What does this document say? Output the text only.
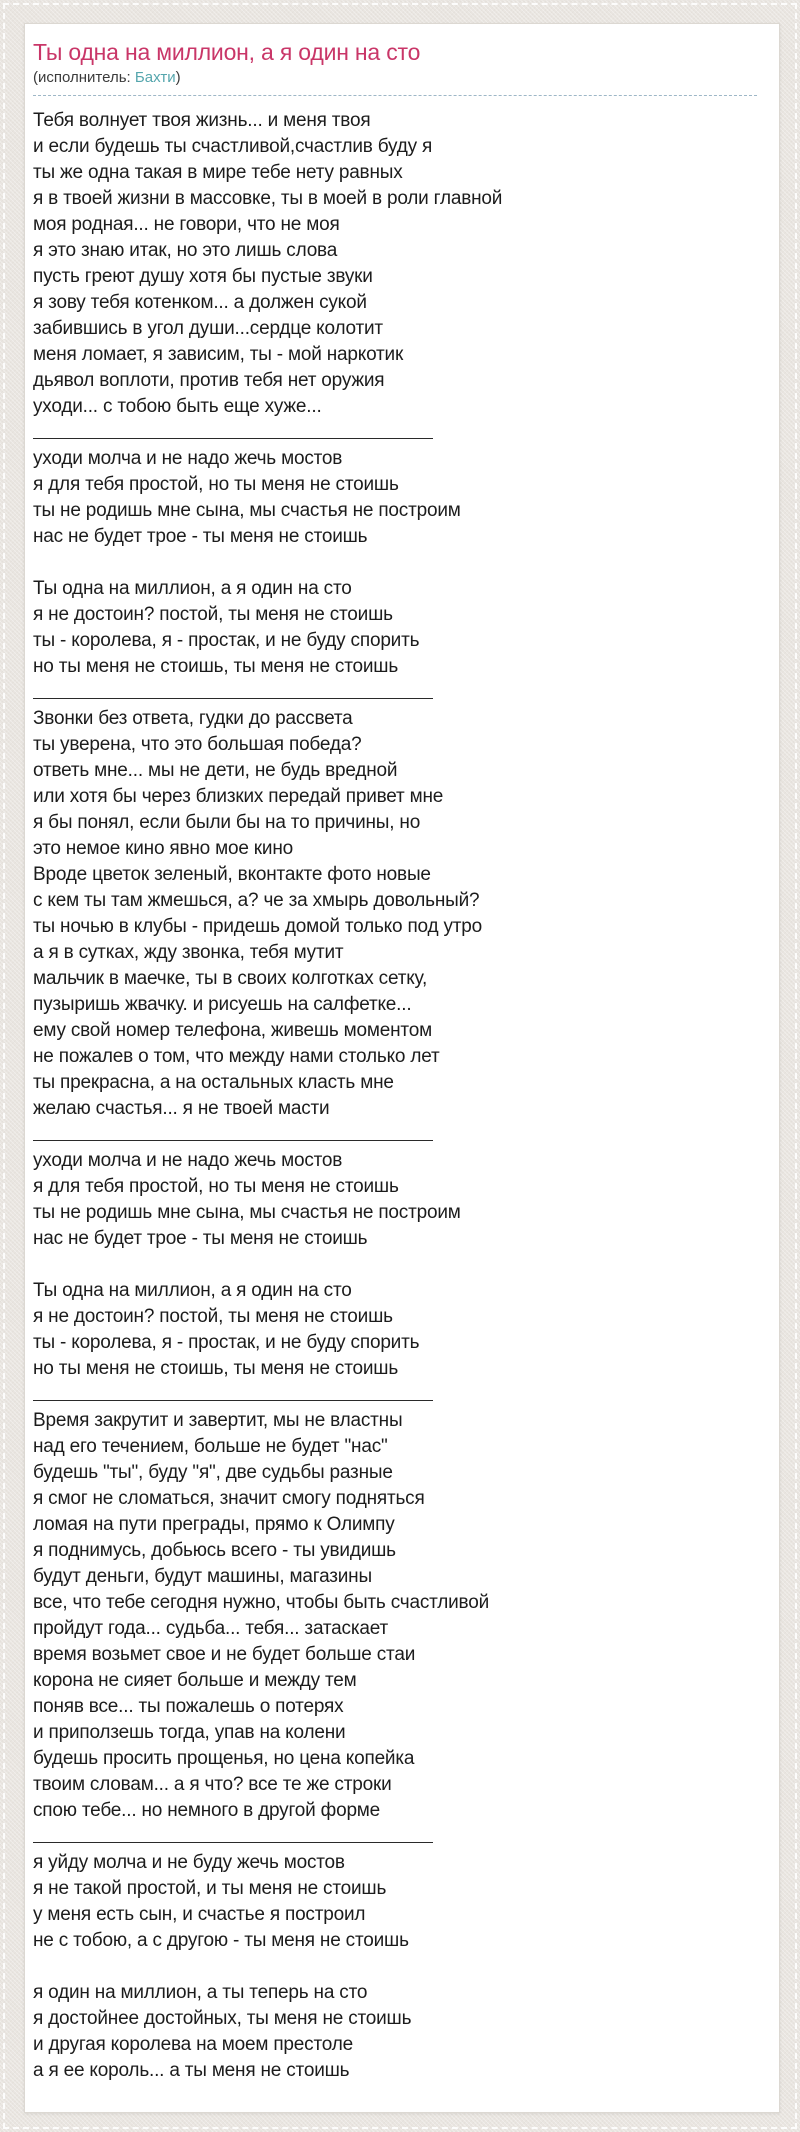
Ты одна на миллион, а я один на сто
(исполнитель: Бахти)
Тебя волнует твоя жизнь... и меня твоя
и если будешь ты счастливой,счастлив буду я
ты же одна такая в мире тебе нету равных
я в твоей жизни в массовке, ты в моей в роли главной
моя родная... не говори, что не моя
я это знаю итак, но это лишь слова
пусть греют душу хотя бы пустые звуки
я зову тебя котенком... а должен сукой
забившись в угол души...сердце колотит
меня ломает, я зависим, ты - мой наркотик
дьявол воплоти, против тебя нет оружия
уходи... с тобою быть еще хуже...
уходи молча и не надо жечь мостов
я для тебя простой, но ты меня не стоишь
ты не родишь мне сына, мы счастья не построим
нас не будет трое - ты меня не стоишь
Ты одна на миллион, а я один на сто
я не достоин? постой, ты меня не стоишь
ты - королева, я - простак, и не буду спорить
но ты меня не стоишь, ты меня не стоишь
Звонки без ответа, гудки до рассвета
ты уверена, что это большая победа?
ответь мне... мы не дети, не будь вредной
или хотя бы через близких передай привет мне
я бы понял, если были бы на то причины, но
это немое кино явно мое кино
Вроде цветок зеленый, вконтакте фото новые
с кем ты там жмешься, а? че за хмырь довольный?
ты ночью в клубы - придешь домой только под утро
а я в сутках, жду звонка, тебя мутит
мальчик в маечке, ты в своих колготках сетку,
пузыришь жвачку. и рисуешь на салфетке...
ему свой номер телефона, живешь моментом
не пожалев о том, что между нами столько лет
ты прекрасна, а на остальных класть мне
желаю счастья... я не твоей масти
уходи молча и не надо жечь мостов
я для тебя простой, но ты меня не стоишь
ты не родишь мне сына, мы счастья не построим
нас не будет трое - ты меня не стоишь
Ты одна на миллион, а я один на сто
я не достоин? постой, ты меня не стоишь
ты - королева, я - простак, и не буду спорить
но ты меня не стоишь, ты меня не стоишь
Время закрутит и завертит, мы не властны
над его течением, больше не будет "нас"
будешь "ты", буду "я", две судьбы разные
я смог не сломаться, значит смогу подняться
ломая на пути преграды, прямо к Олимпу
я поднимусь, добьюсь всего - ты увидишь
будут деньги, будут машины, магазины
все, что тебе сегодня нужно, чтобы быть счастливой
пройдут года... судьба... тебя... затаскает
время возьмет свое и не будет больше стаи
корона не сияет больше и между тем
поняв все... ты пожалешь о потерях
и приползешь тогда, упав на колени
будешь просить прощенья, но цена копейка
твоим словам... а я что? все те же строки
спою тебе... но немного в другой форме
я уйду молча и не буду жечь мостов
я не такой простой, и ты меня не стоишь
у меня есть сын, и счастье я построил
не с тобою, а с другою - ты меня не стоишь
я один на миллион, а ты теперь на сто
я достойнее достойных, ты меня не стоишь
и другая королева на моем престоле
а я ее король... а ты меня не стоишь
